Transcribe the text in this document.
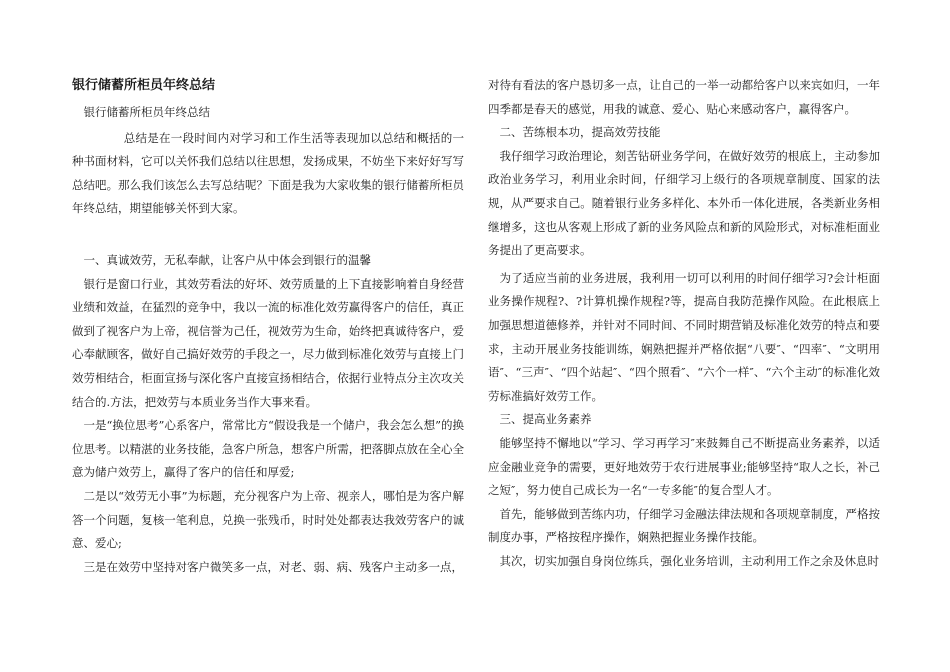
银行储蓄所柜员年终总结

银行储蓄所柜员年终总结

总结是在一段时间内对学习和工作生活等表现加以总结和概括的一种书面材料，它可以关怀我们总结以往思想，发扬成果，不妨坐下来好好写写总结吧。那么我们该怎么去写总结呢？下面是我为大家收集的银行储蓄所柜员年终总结，期望能够关怀到大家。

一、真诚效劳，无私奉献，让客户从中体会到银行的温馨

银行是窗口行业，其效劳看法的好坏、效劳质量的上下直接影响着自身经营业绩和效益，在猛烈的竞争中，我以一流的标准化效劳赢得客户的信任，真正做到了视客户为上帝，视信誉为己任，视效劳为生命，始终把真诚待客户，爱心奉献顾客，做好自己搞好效劳的手段之一，尽力做到标准化效劳与直接上门效劳相结合，柜面宣扬与深化客户直接宣扬相结合，依据行业特点分主次攻关结合的.方法，把效劳与本质业务当作大事来看。

一是“换位思考”心系客户，常常比方“假设我是一个储户，我会怎么想”的换位思考。以精湛的业务技能，急客户所急，想客户所需，把落脚点放在全心全意为储户效劳上，赢得了客户的信任和厚爱;

二是以“效劳无小事”为标题，充分视客户为上帝、视亲人，哪怕是为客户解答一个问题，复核一笔利息，兑换一张残币，时时处处都表达我效劳客户的诚意、爱心;

三是在效劳中坚持对客户微笑多一点，对老、弱、病、残客户主动多一点，

对待有看法的客户恳切多一点，让自己的一举一动都给客户以来宾如归，一年四季都是春天的感觉，用我的诚意、爱心、贴心来感动客户，赢得客户。

二、苦练根本功，提高效劳技能

我仔细学习政治理论，刻苦钻研业务学问，在做好效劳的根底上，主动参加政治业务学习，利用业余时间，仔细学习上级行的各项规章制度、国家的法规，从严要求自己。随着银行业务多样化、本外币一体化进展，各类新业务相继增多，这也从客观上形成了新的业务风险点和新的风险形式，对标准柜面业务提出了更高要求。

为了适应当前的业务进展，我利用一切可以利用的时间仔细学习?会计柜面业务操作规程?、?计算机操作规程?等，提高自我防范操作风险。在此根底上加强思想道德修养，并针对不同时间、不同时期营销及标准化效劳的特点和要求，主动开展业务技能训练，娴熟把握并严格依据“八要″、“四率″、“文明用语″、“三声″、“四个站起″、“四个照看″、“六个一样″、“六个主动″的标准化效劳标准搞好效劳工作。

三、提高业务素养

能够坚持不懈地以“学习、学习再学习″来鼓舞自己不断提高业务素养，以适应金融业竞争的需要，更好地效劳于农行进展事业;能够坚持“取人之长，补己之短″，努力使自己成长为一名“一专多能″的复合型人才。

首先，能够做到苦练内功，仔细学习金融法律法规和各项规章制度，严格按制度办事，严格按程序操作，娴熟把握业务操作技能。

其次，切实加强自身岗位练兵，强化业务培训，主动利用工作之余及休息时
